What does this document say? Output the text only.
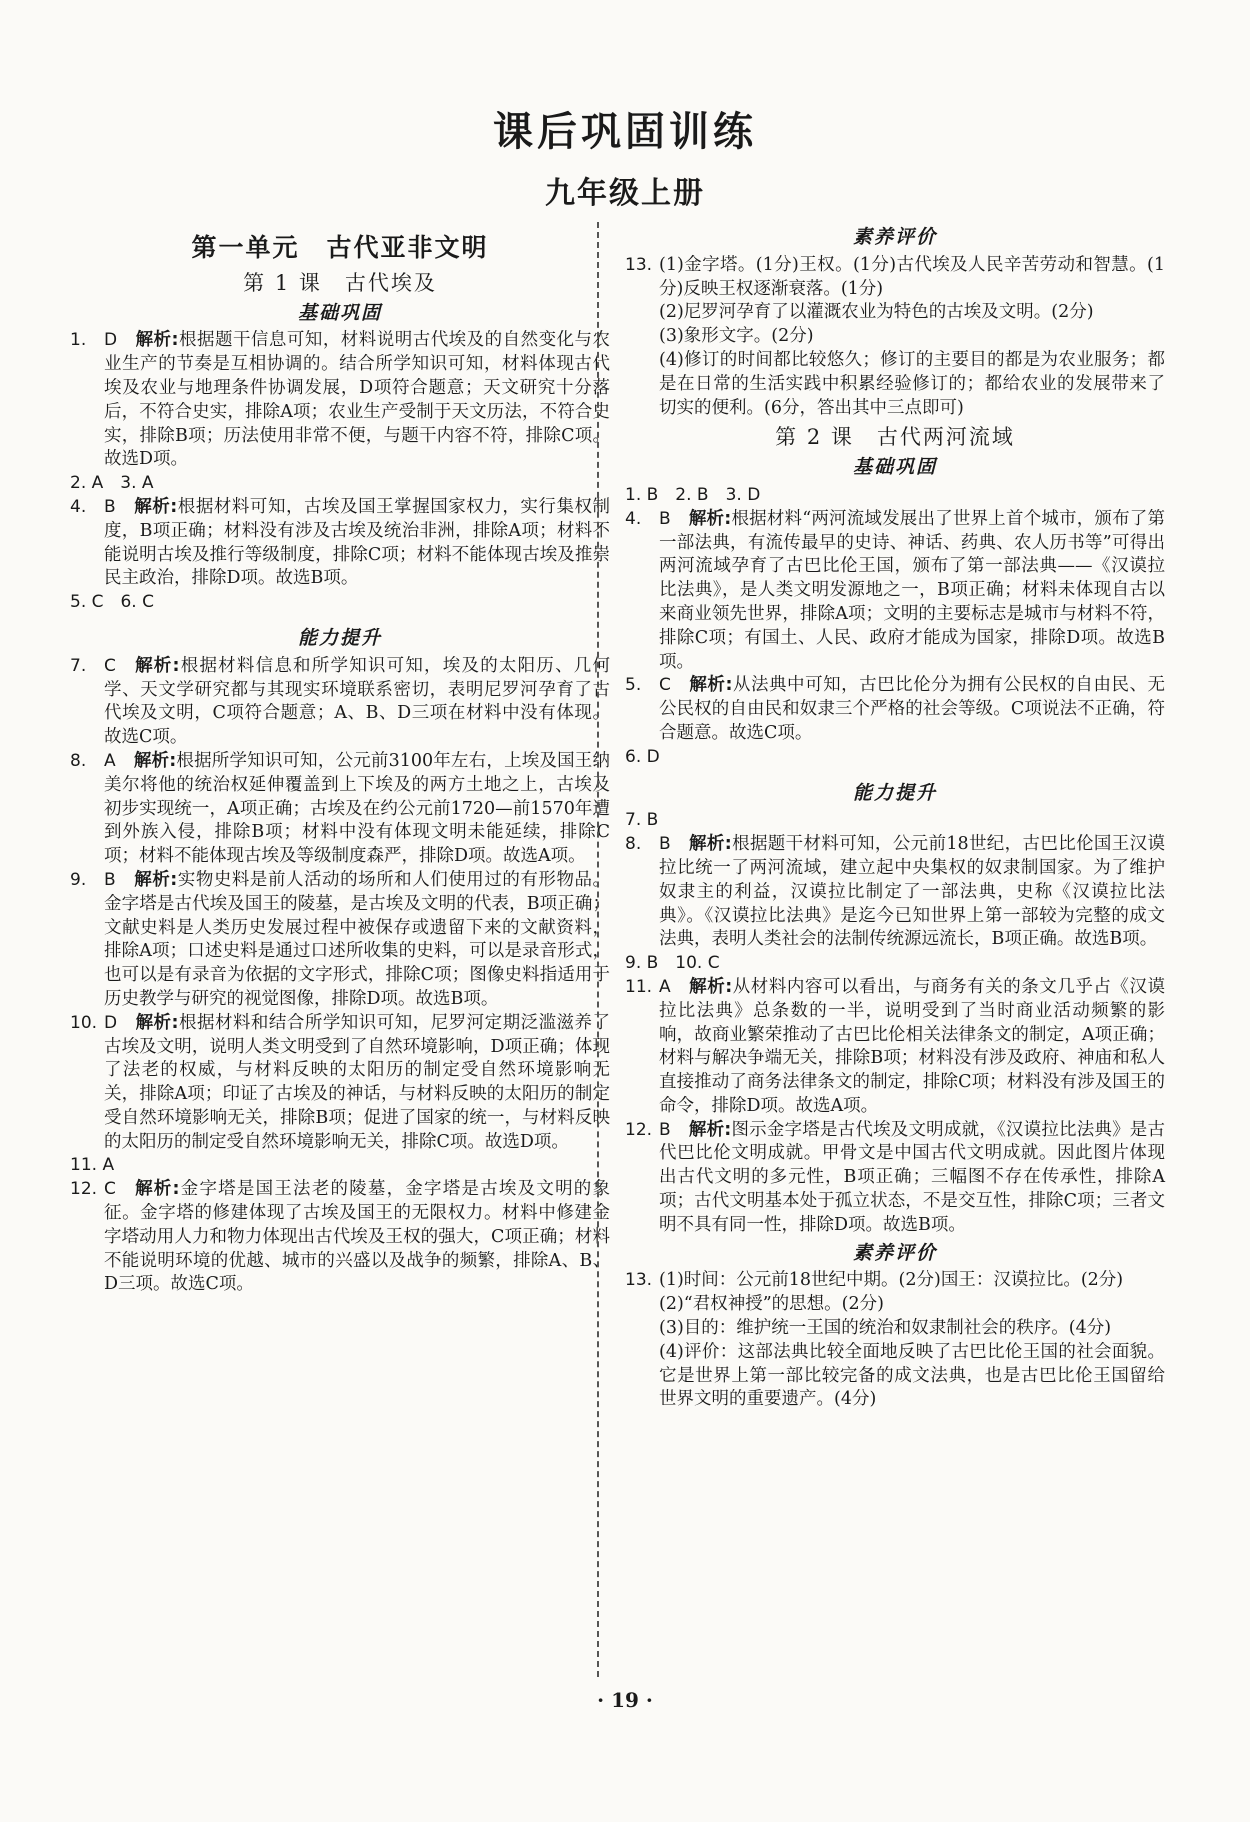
课后巩固训练
九年级上册
第一单元　古代亚非文明
第 1 课　古代埃及
基础巩固
1.	D 解析:根据题干信息可知，材料说明古代埃及的自然变化与农业生产的节奏是互相协调的。结合所学知识可知，材料体现古代埃及农业与地理条件协调发展，D项符合题意；天文研究十分落后，不符合史实，排除A项；农业生产受制于天文历法，不符合史实，排除B项；历法使用非常不便，与题干内容不符，排除C项。故选D项。
2. A　3. A
4.	B 解析:根据材料可知，古埃及国王掌握国家权力，实行集权制度，B项正确；材料没有涉及古埃及统治非洲，排除A项；材料不能说明古埃及推行等级制度，排除C项；材料不能体现古埃及推崇民主政治，排除D项。故选B项。
5. C　6. C
能力提升
7.	C 解析:根据材料信息和所学知识可知，埃及的太阳历、几何学、天文学研究都与其现实环境联系密切，表明尼罗河孕育了古代埃及文明，C项符合题意；A、B、D三项在材料中没有体现。故选C项。
8.	A 解析:根据所学知识可知，公元前3100年左右，上埃及国王纳美尔将他的统治权延伸覆盖到上下埃及的两方土地之上，古埃及初步实现统一，A项正确；古埃及在约公元前1720—前1570年遭到外族入侵，排除B项；材料中没有体现文明未能延续，排除C项；材料不能体现古埃及等级制度森严，排除D项。故选A项。
9.	B 解析:实物史料是前人活动的场所和人们使用过的有形物品。金字塔是古代埃及国王的陵墓，是古埃及文明的代表，B项正确；文献史料是人类历史发展过程中被保存或遗留下来的文献资料，排除A项；口述史料是通过口述所收集的史料，可以是录音形式，也可以是有录音为依据的文字形式，排除C项；图像史料指适用于历史教学与研究的视觉图像，排除D项。故选B项。
10. D 解析:根据材料和结合所学知识可知，尼罗河定期泛滥滋养了古埃及文明，说明人类文明受到了自然环境影响，D项正确；体现了法老的权威，与材料反映的太阳历的制定受自然环境影响无关，排除A项；印证了古埃及的神话，与材料反映的太阳历的制定受自然环境影响无关，排除B项；促进了国家的统一，与材料反映的太阳历的制定受自然环境影响无关，排除C项。故选D项。
11. A
12. C 解析:金字塔是国王法老的陵墓，金字塔是古埃及文明的象征。金字塔的修建体现了古埃及国王的无限权力。材料中修建金字塔动用人力和物力体现出古代埃及王权的强大，C项正确；材料不能说明环境的优越、城市的兴盛以及战争的频繁，排除A、B、D三项。故选C项。
素养评价
13. (1)金字塔。(1分)王权。(1分)古代埃及人民辛苦劳动和智慧。(1分)反映王权逐渐衰落。(1分)
(2)尼罗河孕育了以灌溉农业为特色的古埃及文明。(2分)
(3)象形文字。(2分)
(4)修订的时间都比较悠久；修订的主要目的都是为农业服务；都是在日常的生活实践中积累经验修订的；都给农业的发展带来了切实的便利。(6分，答出其中三点即可)
第 2 课　古代两河流域
基础巩固
1. B　2. B　3. D
4.	B 解析:根据材料“两河流域发展出了世界上首个城市，颁布了第一部法典，有流传最早的史诗、神话、药典、农人历书等”可得出两河流域孕育了古巴比伦王国，颁布了第一部法典——《汉谟拉比法典》，是人类文明发源地之一，B项正确；材料未体现自古以来商业领先世界，排除A项；文明的主要标志是城市与材料不符，排除C项；有国土、人民、政府才能成为国家，排除D项。故选B项。
5.	C 解析:从法典中可知，古巴比伦分为拥有公民权的自由民、无公民权的自由民和奴隶三个严格的社会等级。C项说法不正确，符合题意。故选C项。
6. D
能力提升
7. B
8.	B 解析:根据题干材料可知，公元前18世纪，古巴比伦国王汉谟拉比统一了两河流域，建立起中央集权的奴隶制国家。为了维护奴隶主的利益，汉谟拉比制定了一部法典，史称《汉谟拉比法典》。《汉谟拉比法典》是迄今已知世界上第一部较为完整的成文法典，表明人类社会的法制传统源远流长，B项正确。故选B项。
9. B　10. C
11. A 解析:从材料内容可以看出，与商务有关的条文几乎占《汉谟拉比法典》总条数的一半，说明受到了当时商业活动频繁的影响，故商业繁荣推动了古巴比伦相关法律条文的制定，A项正确；材料与解决争端无关，排除B项；材料没有涉及政府、神庙和私人直接推动了商务法律条文的制定，排除C项；材料没有涉及国王的命令，排除D项。故选A项。
12. B 解析:图示金字塔是古代埃及文明成就，《汉谟拉比法典》是古代巴比伦文明成就。甲骨文是中国古代文明成就。因此图片体现出古代文明的多元性，B项正确；三幅图不存在传承性，排除A项；古代文明基本处于孤立状态，不是交互性，排除C项；三者文明不具有同一性，排除D项。故选B项。
素养评价
13. (1)时间：公元前18世纪中期。(2分)国王：汉谟拉比。(2分)
(2)“君权神授”的思想。(2分)
(3)目的：维护统一王国的统治和奴隶制社会的秩序。(4分)
(4)评价：这部法典比较全面地反映了古巴比伦王国的社会面貌。它是世界上第一部比较完备的成文法典，也是古巴比伦王国留给世界文明的重要遗产。(4分)
· 19 ·
